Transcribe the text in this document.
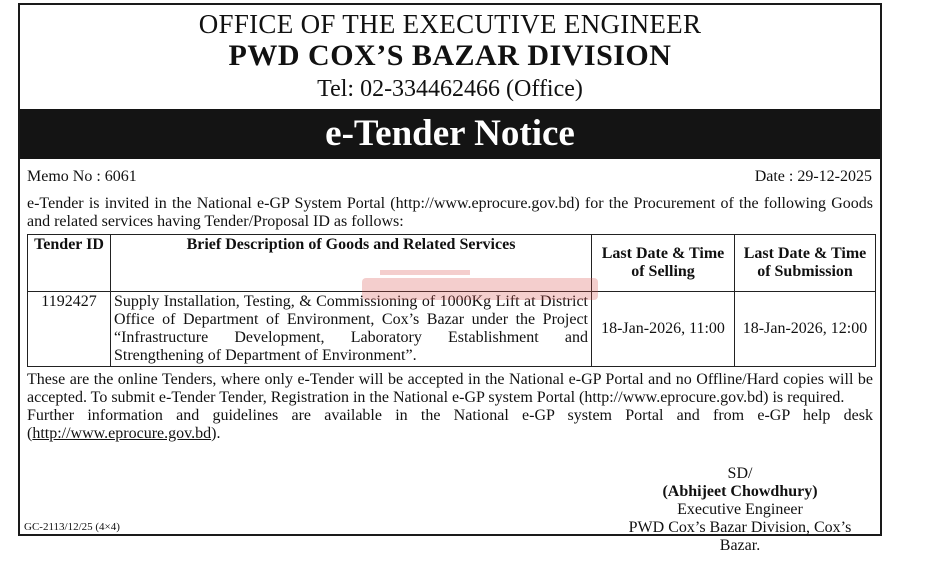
OFFICE OF THE EXECUTIVE ENGINEER
PWD COX’S BAZAR DIVISION
Tel: 02-334462466 (Office)
e-Tender Notice
Memo No : 6061	Date : 29-12-2025
e-Tender is invited in the National e-GP System Portal (http://www.eprocure.gov.bd) for the Procurement of the following Goods and related services having Tender/Proposal ID as follows:
Tender ID	Brief Description of Goods and Related Services	Last Date & Time of Selling	Last Date & Time of Submission
1192427	Supply Installation, Testing, & Commissioning of 1000Kg Lift at District Office of Department of Environment, Cox’s Bazar under the Project “Infrastructure Development, Laboratory Establishment and Strengthening of Department of Environment”.	18-Jan-2026, 11:00	18-Jan-2026, 12:00
These are the online Tenders, where only e-Tender will be accepted in the National e-GP Portal and no Offline/Hard copies will be accepted. To submit e-Tender Tender, Registration in the National e-GP system Portal (http://www.eprocure.gov.bd) is required.
Further information and guidelines are available in the National e-GP system Portal and from e-GP help desk (http://www.eprocure.gov.bd).
SD/
(Abhijeet Chowdhury)
Executive Engineer
PWD Cox’s Bazar Division, Cox’s Bazar.
GC-2113/12/25 (4×4)
